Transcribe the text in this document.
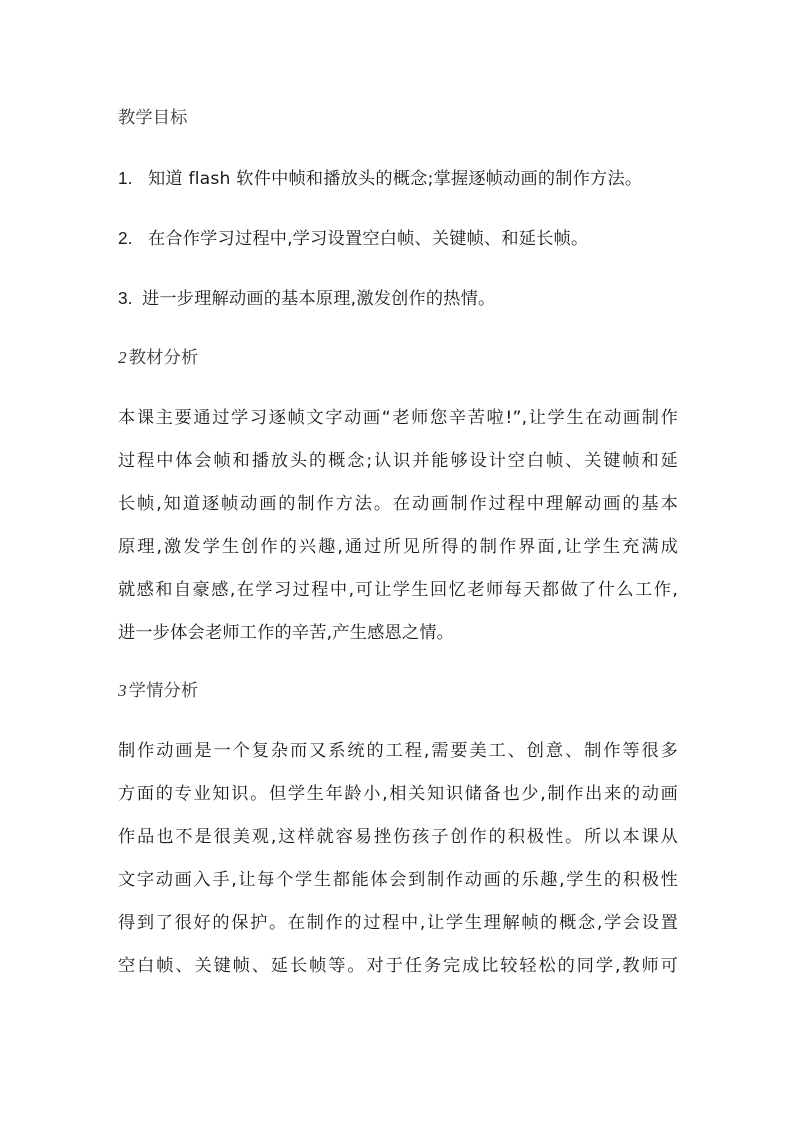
教学目标
1. 知道 flash 软件中帧和播放头的概念;掌握逐帧动画的制作方法。
2. 在合作学习过程中,学习设置空白帧、关键帧、和延长帧。
3. 进一步理解动画的基本原理,激发创作的热情。
2 教材分析
本课主要通过学习逐帧文字动画“老师您辛苦啦!”,让学生在动画制作
过程中体会帧和播放头的概念;认识并能够设计空白帧、关键帧和延
长帧,知道逐帧动画的制作方法。在动画制作过程中理解动画的基本
原理,激发学生创作的兴趣,通过所见所得的制作界面,让学生充满成
就感和自豪感,在学习过程中,可让学生回忆老师每天都做了什么工作,
进一步体会老师工作的辛苦,产生感恩之情。
3 学情分析
制作动画是一个复杂而又系统的工程,需要美工、创意、制作等很多
方面的专业知识。但学生年龄小,相关知识储备也少,制作出来的动画
作品也不是很美观,这样就容易挫伤孩子创作的积极性。所以本课从
文字动画入手,让每个学生都能体会到制作动画的乐趣,学生的积极性
得到了很好的保护。在制作的过程中,让学生理解帧的概念,学会设置
空白帧、关键帧、延长帧等。对于任务完成比较轻松的同学,教师可
